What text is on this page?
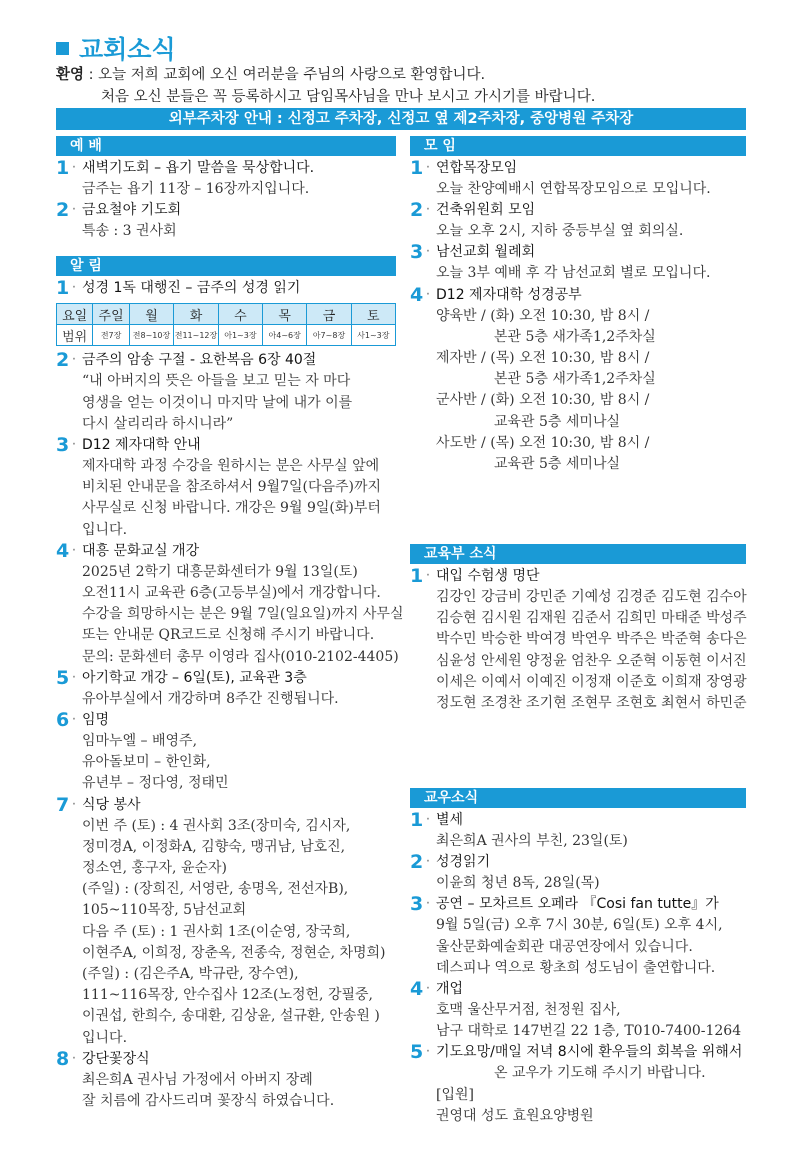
교회소식
환영 : 오늘 저희 교회에 오신 여러분을 주님의 사랑으로 환영합니다.
처음 오신 분들은 꼭 등록하시고 담임목사님을 만나 보시고 가시기를 바랍니다.
외부주차장 안내 : 신정고 주차장, 신정고 옆 제2주차장, 중앙병원 주차장
예 배
1 · 새벽기도회 – 욥기 말씀을 묵상합니다.
금주는 욥기 11장 – 16장까지입니다.
2 · 금요철야 기도회
특송 : 3 권사회
알 림
1 · 성경 1독 대행진 – 금주의 성경 읽기
요일	주일	월	화	수	목	금	토
범위	전7장	전8~10장	전11~12장	아1~3장	아4~6장	아7~8장	사1~3장
2 · 금주의 암송 구절 - 요한복음 6장 40절
“내 아버지의 뜻은 아들을 보고 믿는 자 마다
영생을 얻는 이것이니 마지막 날에 내가 이를
다시 살리리라 하시니라”
3 · D12 제자대학 안내
제자대학 과정 수강을 원하시는 분은 사무실 앞에
비치된 안내문을 참조하셔서 9월7일(다음주)까지
사무실로 신청 바랍니다. 개강은 9월 9일(화)부터
입니다.
4 · 대흥 문화교실 개강
2025년 2학기 대흥문화센터가 9월 13일(토)
오전11시 교육관 6층(고등부실)에서 개강합니다.
수강을 희망하시는 분은 9월 7일(일요일)까지 사무실
또는 안내문 QR코드로 신청해 주시기 바랍니다.
문의: 문화센터 총무 이영라 집사(010-2102-4405)
5 · 아기학교 개강 – 6일(토), 교육관 3층
유아부실에서 개강하며 8주간 진행됩니다.
6 · 임명
임마누엘 – 배영주,
유아돌보미 – 한인화,
유년부 – 정다영, 정태민
7 · 식당 봉사
이번 주 (토) : 4 권사회 3조(장미숙, 김시자,
정미경A, 이정화A, 김향숙, 맹귀남, 남호진,
정소연, 홍구자, 윤순자)
(주일) : (장희진, 서영란, 송명옥, 전선자B),
105~110목장, 5남선교회
다음 주 (토) : 1 권사회 1조(이순영, 장국희,
이현주A, 이희정, 장춘옥, 전종숙, 정현순, 차명희)
(주일) : (김은주A, 박규란, 장수연),
111~116목장, 안수집사 12조(노정헌, 강필중,
이권섭, 한희수, 송대환, 김상윤, 설규환, 안송원 )
입니다.
8 · 강단꽃장식
최은희A 권사님 가정에서 아버지 장례
잘 치름에 감사드리며 꽃장식 하였습니다.
모 임
1 · 연합목장모임
오늘 찬양예배시 연합목장모임으로 모입니다.
2 · 건축위원회 모임
오늘 오후 2시, 지하 중등부실 옆 회의실.
3 · 남선교회 월례회
오늘 3부 예배 후 각 남선교회 별로 모입니다.
4 · D12 제자대학 성경공부
양육반 / (화) 오전 10:30, 밤 8시 /
본관 5층 새가족1,2주차실
제자반 / (목) 오전 10:30, 밤 8시 /
본관 5층 새가족1,2주차실
군사반 / (화) 오전 10:30, 밤 8시 /
교육관 5층 세미나실
사도반 / (목) 오전 10:30, 밤 8시 /
교육관 5층 세미나실
교육부 소식
1 · 대입 수험생 명단
김강인 강금비 강민준 기예성 김경준 김도현 김수아
김승현 김시원 김재원 김준서 김희민 마태준 박성주
박수민 박승한 박여경 박연우 박주은 박준혁 송다은
심윤성 안세원 양정윤 엄찬우 오준혁 이동현 이서진
이세은 이예서 이예진 이정재 이준호 이희재 장영광
정도현 조경찬 조기현 조현무 조현호 최현서 하민준
교우소식
1 · 별세
최은희A 권사의 부친, 23일(토)
2 · 성경읽기
이윤희 청년 8독, 28일(목)
3 · 공연 – 모차르트 오페라 『Cosi fan tutte』가
9월 5일(금) 오후 7시 30분, 6일(토) 오후 4시,
울산문화예술회관 대공연장에서 있습니다.
데스피나 역으로 황초희 성도님이 출연합니다.
4 · 개업
호맥 울산무거점, 천정원 집사,
남구 대학로 147번길 22 1층, T010-7400-1264
5 · 기도요망/매일 저녁 8시에 환우들의 회복을 위해서
온 교우가 기도해 주시기 바랍니다.
[입원]
권영대 성도 효원요양병원
